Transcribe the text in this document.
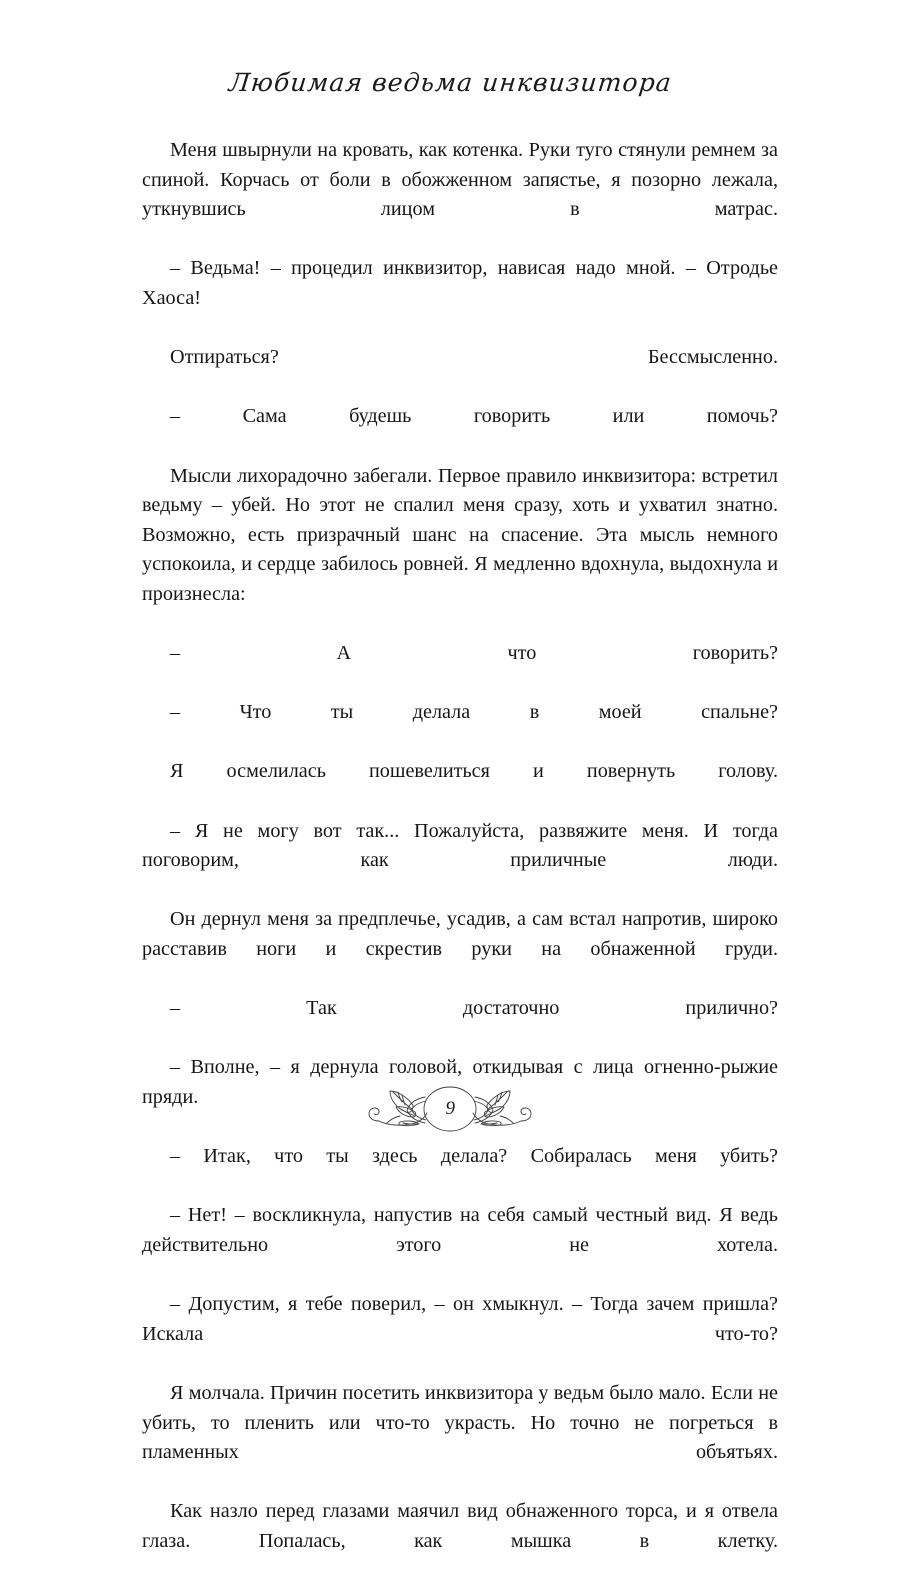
Любимая ведьма инквизитора

Меня швырнули на кровать, как котенка. Руки туго стянули ремнем за спиной. Корчась от боли в обожженном запястье, я позорно лежала, уткнувшись лицом в матрас.

– Ведьма! – процедил инквизитор, нависая надо мной. – Отродье Хаоса!

Отпираться? Бессмысленно.

– Сама будешь говорить или помочь?

Мысли лихорадочно забегали. Первое правило инквизитора: встретил ведьму – убей. Но этот не спалил меня сразу, хоть и ухватил знатно. Возможно, есть призрачный шанс на спасение. Эта мысль немного успокоила, и сердце забилось ровней. Я медленно вдохнула, выдохнула и произнесла:

– А что говорить?

– Что ты делала в моей спальне?

Я осмелилась пошевелиться и повернуть голову.

– Я не могу вот так... Пожалуйста, развяжите меня. И тогда поговорим, как приличные люди.

Он дернул меня за предплечье, усадив, а сам встал напротив, широко расставив ноги и скрестив руки на обнаженной груди.

– Так достаточно прилично?

– Вполне, – я дернула головой, откидывая с лица огненно-рыжие пряди.

– Итак, что ты здесь делала? Собиралась меня убить?

– Нет! – воскликнула, напустив на себя самый честный вид. Я ведь действительно этого не хотела.

– Допустим, я тебе поверил, – он хмыкнул. – Тогда зачем пришла? Искала что-то?

Я молчала. Причин посетить инквизитора у ведьм было мало. Если не убить, то пленить или что-то украсть. Но точно не погреться в пламенных объятьях.

Как назло перед глазами маячил вид обнаженного торса, и я отвела глаза. Попалась, как мышка в клетку.

9
